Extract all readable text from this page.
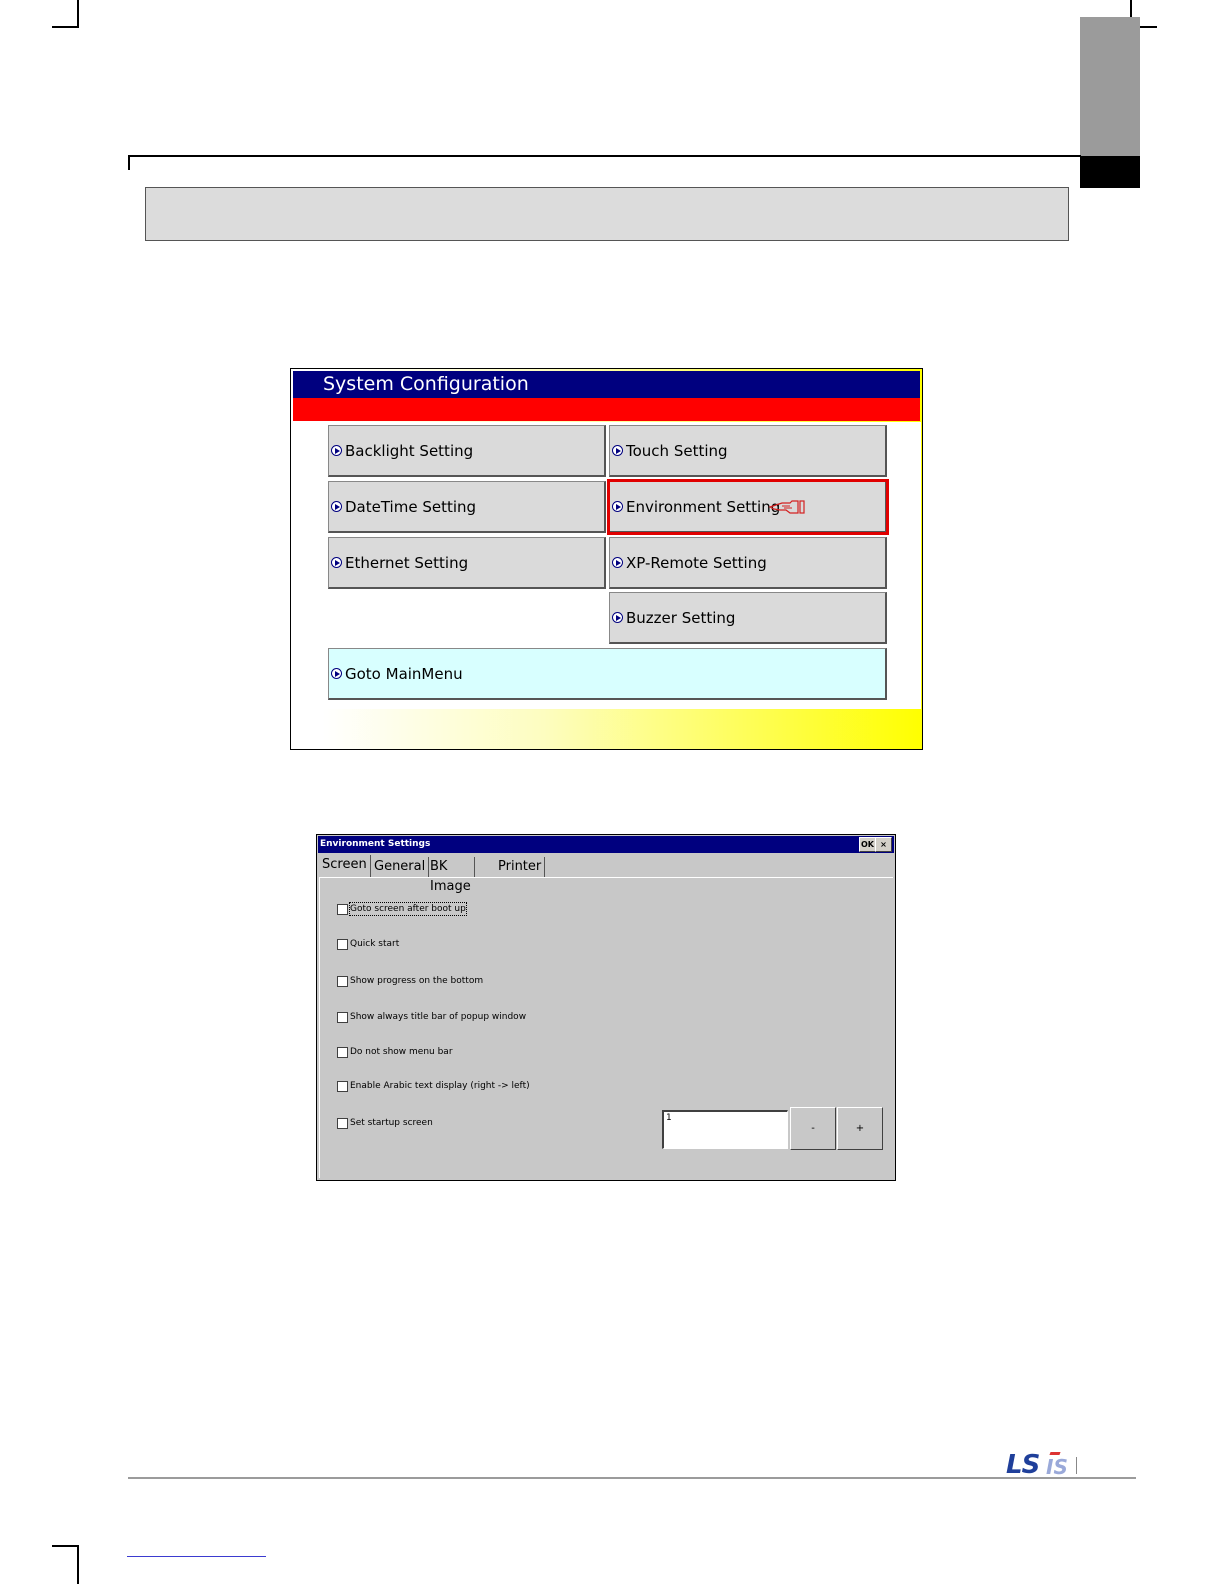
System Configuration
Backlight Setting	Touch Setting
DateTime Setting	Environment Setting
Ethernet Setting	XP-Remote Setting
Buzzer Setting
Goto MainMenu
Environment Settings	OK ×
Screen General BK Image
Printer
Goto screen after boot up
Quick start
Show progress on the bottom
Show always title bar of popup window
Do not show menu bar
Enable Arabic text display (right -> left)
Set startup screen	1
-	+
LS IS
